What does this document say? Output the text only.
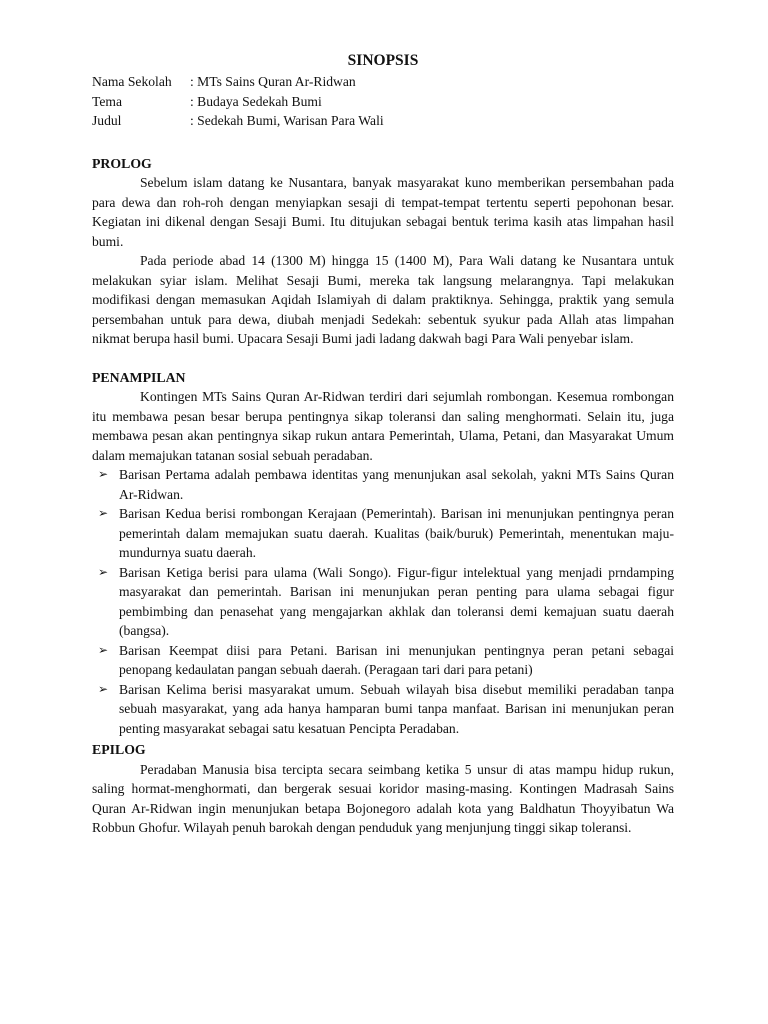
SINOPSIS
Nama Sekolah	: MTs Sains Quran Ar-Ridwan
Tema	: Budaya Sedekah Bumi
Judul	: Sedekah Bumi, Warisan Para Wali
PROLOG

Sebelum islam datang ke Nusantara, banyak masyarakat kuno memberikan persembahan pada para dewa dan roh-roh dengan menyiapkan sesaji di tempat-tempat tertentu seperti pepohonan besar. Kegiatan ini dikenal dengan Sesaji Bumi. Itu ditujukan sebagai bentuk terima kasih atas limpahan hasil bumi.

Pada periode abad 14 (1300 M) hingga 15 (1400 M), Para Wali datang ke Nusantara untuk melakukan syiar islam. Melihat Sesaji Bumi, mereka tak langsung melarangnya. Tapi melakukan modifikasi dengan memasukan Aqidah Islamiyah di dalam praktiknya. Sehingga, praktik yang semula persembahan untuk para dewa, diubah menjadi Sedekah: sebentuk syukur pada Allah atas limpahan nikmat berupa hasil bumi. Upacara Sesaji Bumi jadi ladang dakwah bagi Para Wali penyebar islam.

PENAMPILAN

Kontingen MTs Sains Quran Ar-Ridwan terdiri dari sejumlah rombongan. Kesemua rombongan itu membawa pesan besar berupa pentingnya sikap toleransi dan saling menghormati. Selain itu, juga membawa pesan akan pentingnya sikap rukun antara Pemerintah, Ulama, Petani, dan Masyarakat Umum dalam memajukan tatanan sosial sebuah peradaban.

➢ Barisan Pertama adalah pembawa identitas yang menunjukan asal sekolah, yakni MTs Sains Quran Ar-Ridwan.
➢ Barisan Kedua berisi rombongan Kerajaan (Pemerintah). Barisan ini menunjukan pentingnya peran pemerintah dalam memajukan suatu daerah. Kualitas (baik/buruk) Pemerintah, menentukan maju-mundurnya suatu daerah.
➢ Barisan Ketiga berisi para ulama (Wali Songo). Figur-figur intelektual yang menjadi prndamping masyarakat dan pemerintah. Barisan ini menunjukan peran penting para ulama sebagai figur pembimbing dan penasehat yang mengajarkan akhlak dan toleransi demi kemajuan suatu daerah (bangsa).
➢ Barisan Keempat diisi para Petani. Barisan ini menunjukan pentingnya peran petani sebagai penopang kedaulatan pangan sebuah daerah. (Peragaan tari dari para petani)
➢ Barisan Kelima berisi masyarakat umum. Sebuah wilayah bisa disebut memiliki peradaban tanpa sebuah masyarakat, yang ada hanya hamparan bumi tanpa manfaat. Barisan ini menunjukan peran penting masyarakat sebagai satu kesatuan Pencipta Peradaban.
EPILOG

Peradaban Manusia bisa tercipta secara seimbang ketika 5 unsur di atas mampu hidup rukun, saling hormat-menghormati, dan bergerak sesuai koridor masing-masing. Kontingen Madrasah Sains Quran Ar-Ridwan ingin menunjukan betapa Bojonegoro adalah kota yang Baldhatun Thoyyibatun Wa Robbun Ghofur. Wilayah penuh barokah dengan penduduk yang menjunjung tinggi sikap toleransi.
